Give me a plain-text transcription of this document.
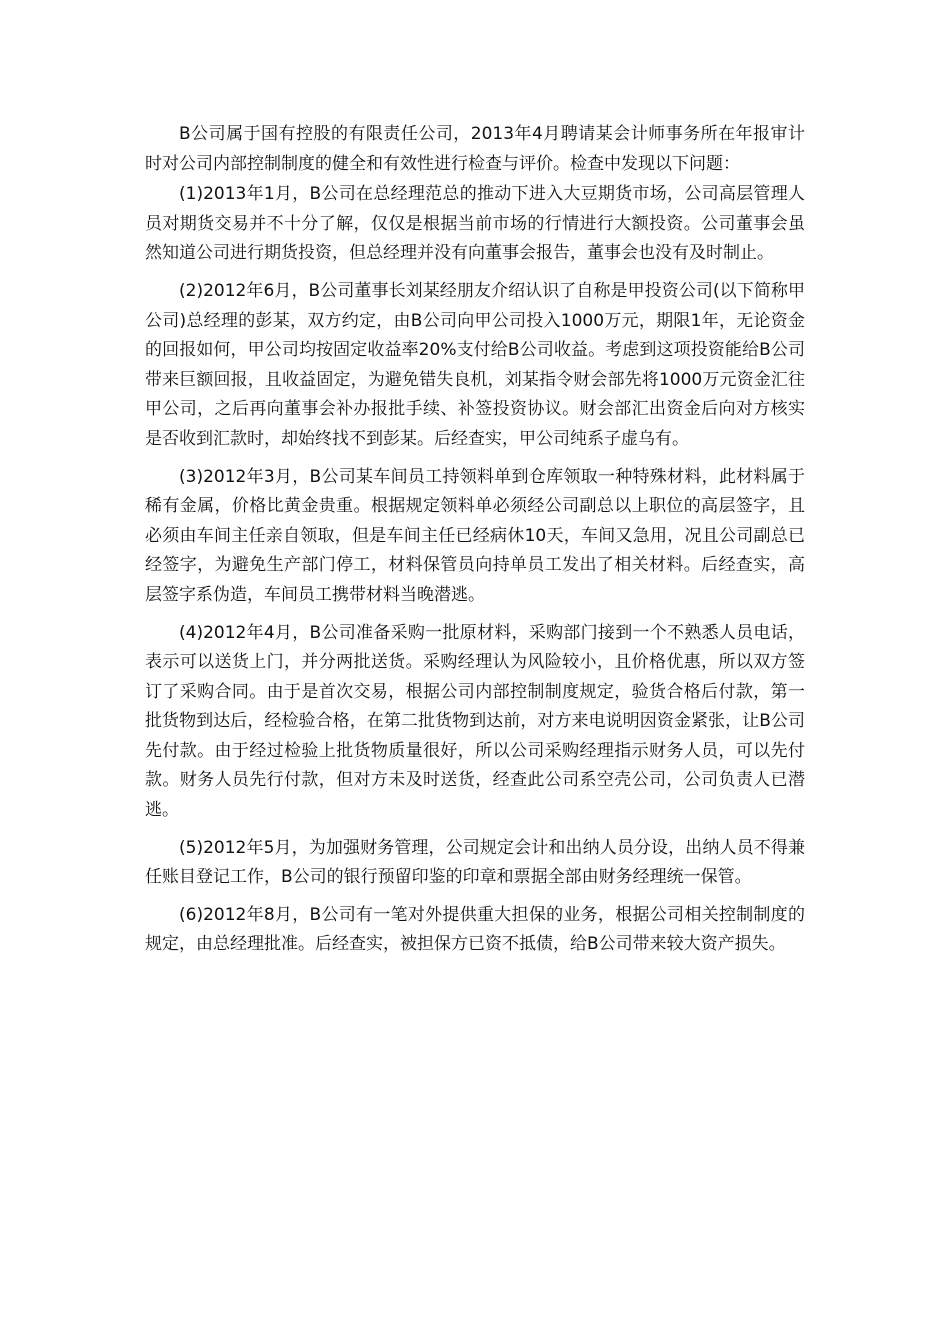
B公司属于国有控股的有限责任公司，2013年4月聘请某会计师事务所在年报审计时对公司内部控制制度的健全和有效性进行检查与评价。检查中发现以下问题：

(1)2013年1月，B公司在总经理范总的推动下进入大豆期货市场，公司高层管理人员对期货交易并不十分了解，仅仅是根据当前市场的行情进行大额投资。公司董事会虽然知道公司进行期货投资，但总经理并没有向董事会报告，董事会也没有及时制止。

(2)2012年6月，B公司董事长刘某经朋友介绍认识了自称是甲投资公司(以下简称甲公司)总经理的彭某，双方约定，由B公司向甲公司投入1000万元，期限1年，无论资金的回报如何，甲公司均按固定收益率20%支付给B公司收益。考虑到这项投资能给B公司带来巨额回报，且收益固定，为避免错失良机，刘某指令财会部先将1000万元资金汇往甲公司，之后再向董事会补办报批手续、补签投资协议。财会部汇出资金后向对方核实是否收到汇款时，却始终找不到彭某。后经查实，甲公司纯系子虚乌有。

(3)2012年3月，B公司某车间员工持领料单到仓库领取一种特殊材料，此材料属于稀有金属，价格比黄金贵重。根据规定领料单必须经公司副总以上职位的高层签字，且必须由车间主任亲自领取，但是车间主任已经病休10天，车间又急用，况且公司副总已经签字，为避免生产部门停工，材料保管员向持单员工发出了相关材料。后经查实，高层签字系伪造，车间员工携带材料当晚潜逃。

(4)2012年4月，B公司准备采购一批原材料，采购部门接到一个不熟悉人员电话，表示可以送货上门，并分两批送货。采购经理认为风险较小，且价格优惠，所以双方签订了采购合同。由于是首次交易，根据公司内部控制制度规定，验货合格后付款，第一批货物到达后，经检验合格，在第二批货物到达前，对方来电说明因资金紧张，让B公司先付款。由于经过检验上批货物质量很好，所以公司采购经理指示财务人员，可以先付款。财务人员先行付款，但对方未及时送货，经查此公司系空壳公司，公司负责人已潜逃。

(5)2012年5月，为加强财务管理，公司规定会计和出纳人员分设，出纳人员不得兼任账目登记工作，B公司的银行预留印鉴的印章和票据全部由财务经理统一保管。

(6)2012年8月，B公司有一笔对外提供重大担保的业务，根据公司相关控制制度的规定，由总经理批准。后经查实，被担保方已资不抵债，给B公司带来较大资产损失。
